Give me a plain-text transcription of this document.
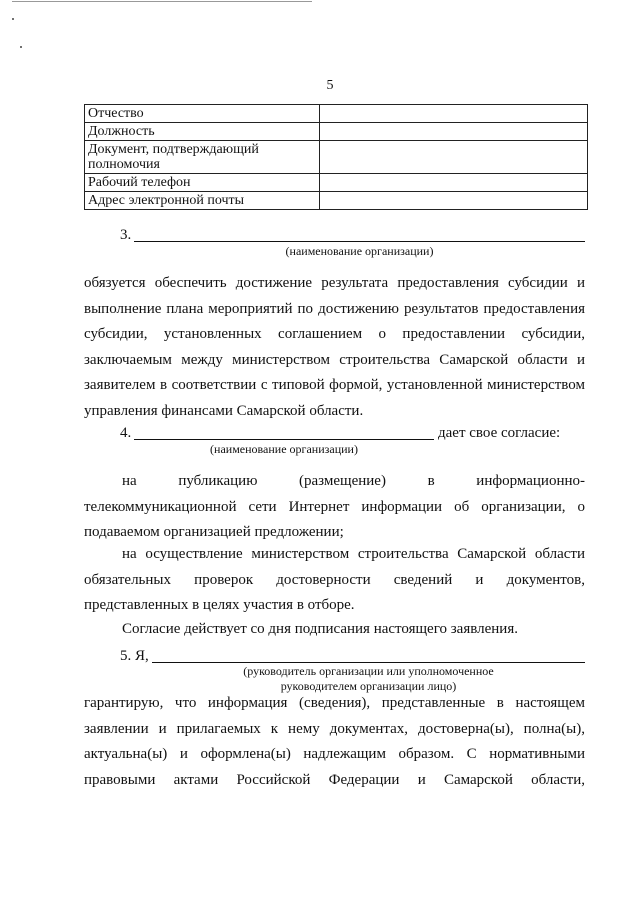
5
Отчество	
Должность	
Документ, подтверждающий полномочия	
Рабочий телефон	
Адрес электронной почты	
3.
(наименование организации)
обязуется обеспечить достижение результата предоставления субсидии и выполнение плана мероприятий по достижению результатов предоставления субсидии, установленных соглашением о предоставлении субсидии, заключаемым между министерством строительства Самарской области и заявителем в соответствии с типовой формой, установленной министерством управления финансами Самарской области.
4.	дает свое согласие:
(наименование организации)
на публикацию (размещение) в информационно-телекоммуникационной сети Интернет информации об организации, о подаваемом организацией предложении;
на осуществление министерством строительства Самарской области обязательных проверок достоверности сведений и документов, представленных в целях участия в отборе.
Согласие действует со дня подписания настоящего заявления.
5. Я,
(руководитель организации или уполномоченное
руководителем организации лицо)
гарантирую, что информация (сведения), представленные в настоящем заявлении и прилагаемых к нему документах, достоверна(ы), полна(ы), актуальна(ы) и оформлена(ы) надлежащим образом. С нормативными правовыми актами Российской Федерации и Самарской области,
